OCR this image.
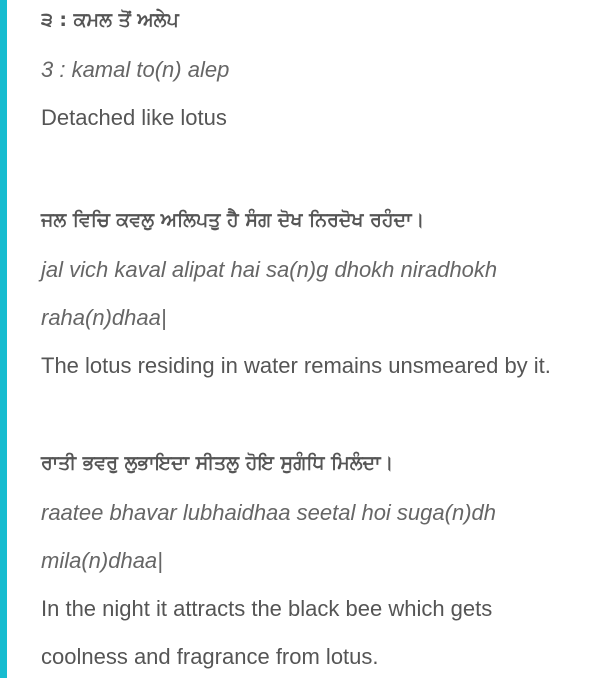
੩ : ਕਮਲ ਤੋਂ ਅਲੇਪ
3 : kamal to(n) alep
Detached like lotus
ਜਲ ਵਿਚਿ ਕਵਲੁ ਅਲਿਪਤੁ ਹੈ ਸੰਗ ਦੋਖ ਨਿਰਦੋਖ ਰਹੰਦਾ।
jal vich kaval alipat hai sa(n)g dhokh niradhokh
raha(n)dhaa|
The lotus residing in water remains unsmeared by it.
ਰਾਤੀ ਭਵਰੁ ਲੁਭਾਇਦਾ ਸੀਤਲੁ ਹੋਇ ਸੁਗੰਧਿ ਮਿਲੰਦਾ।
raatee bhavar lubhaidhaa seetal hoi suga(n)dh
mila(n)dhaa|
In the night it attracts the black bee which gets
coolness and fragrance from lotus.
